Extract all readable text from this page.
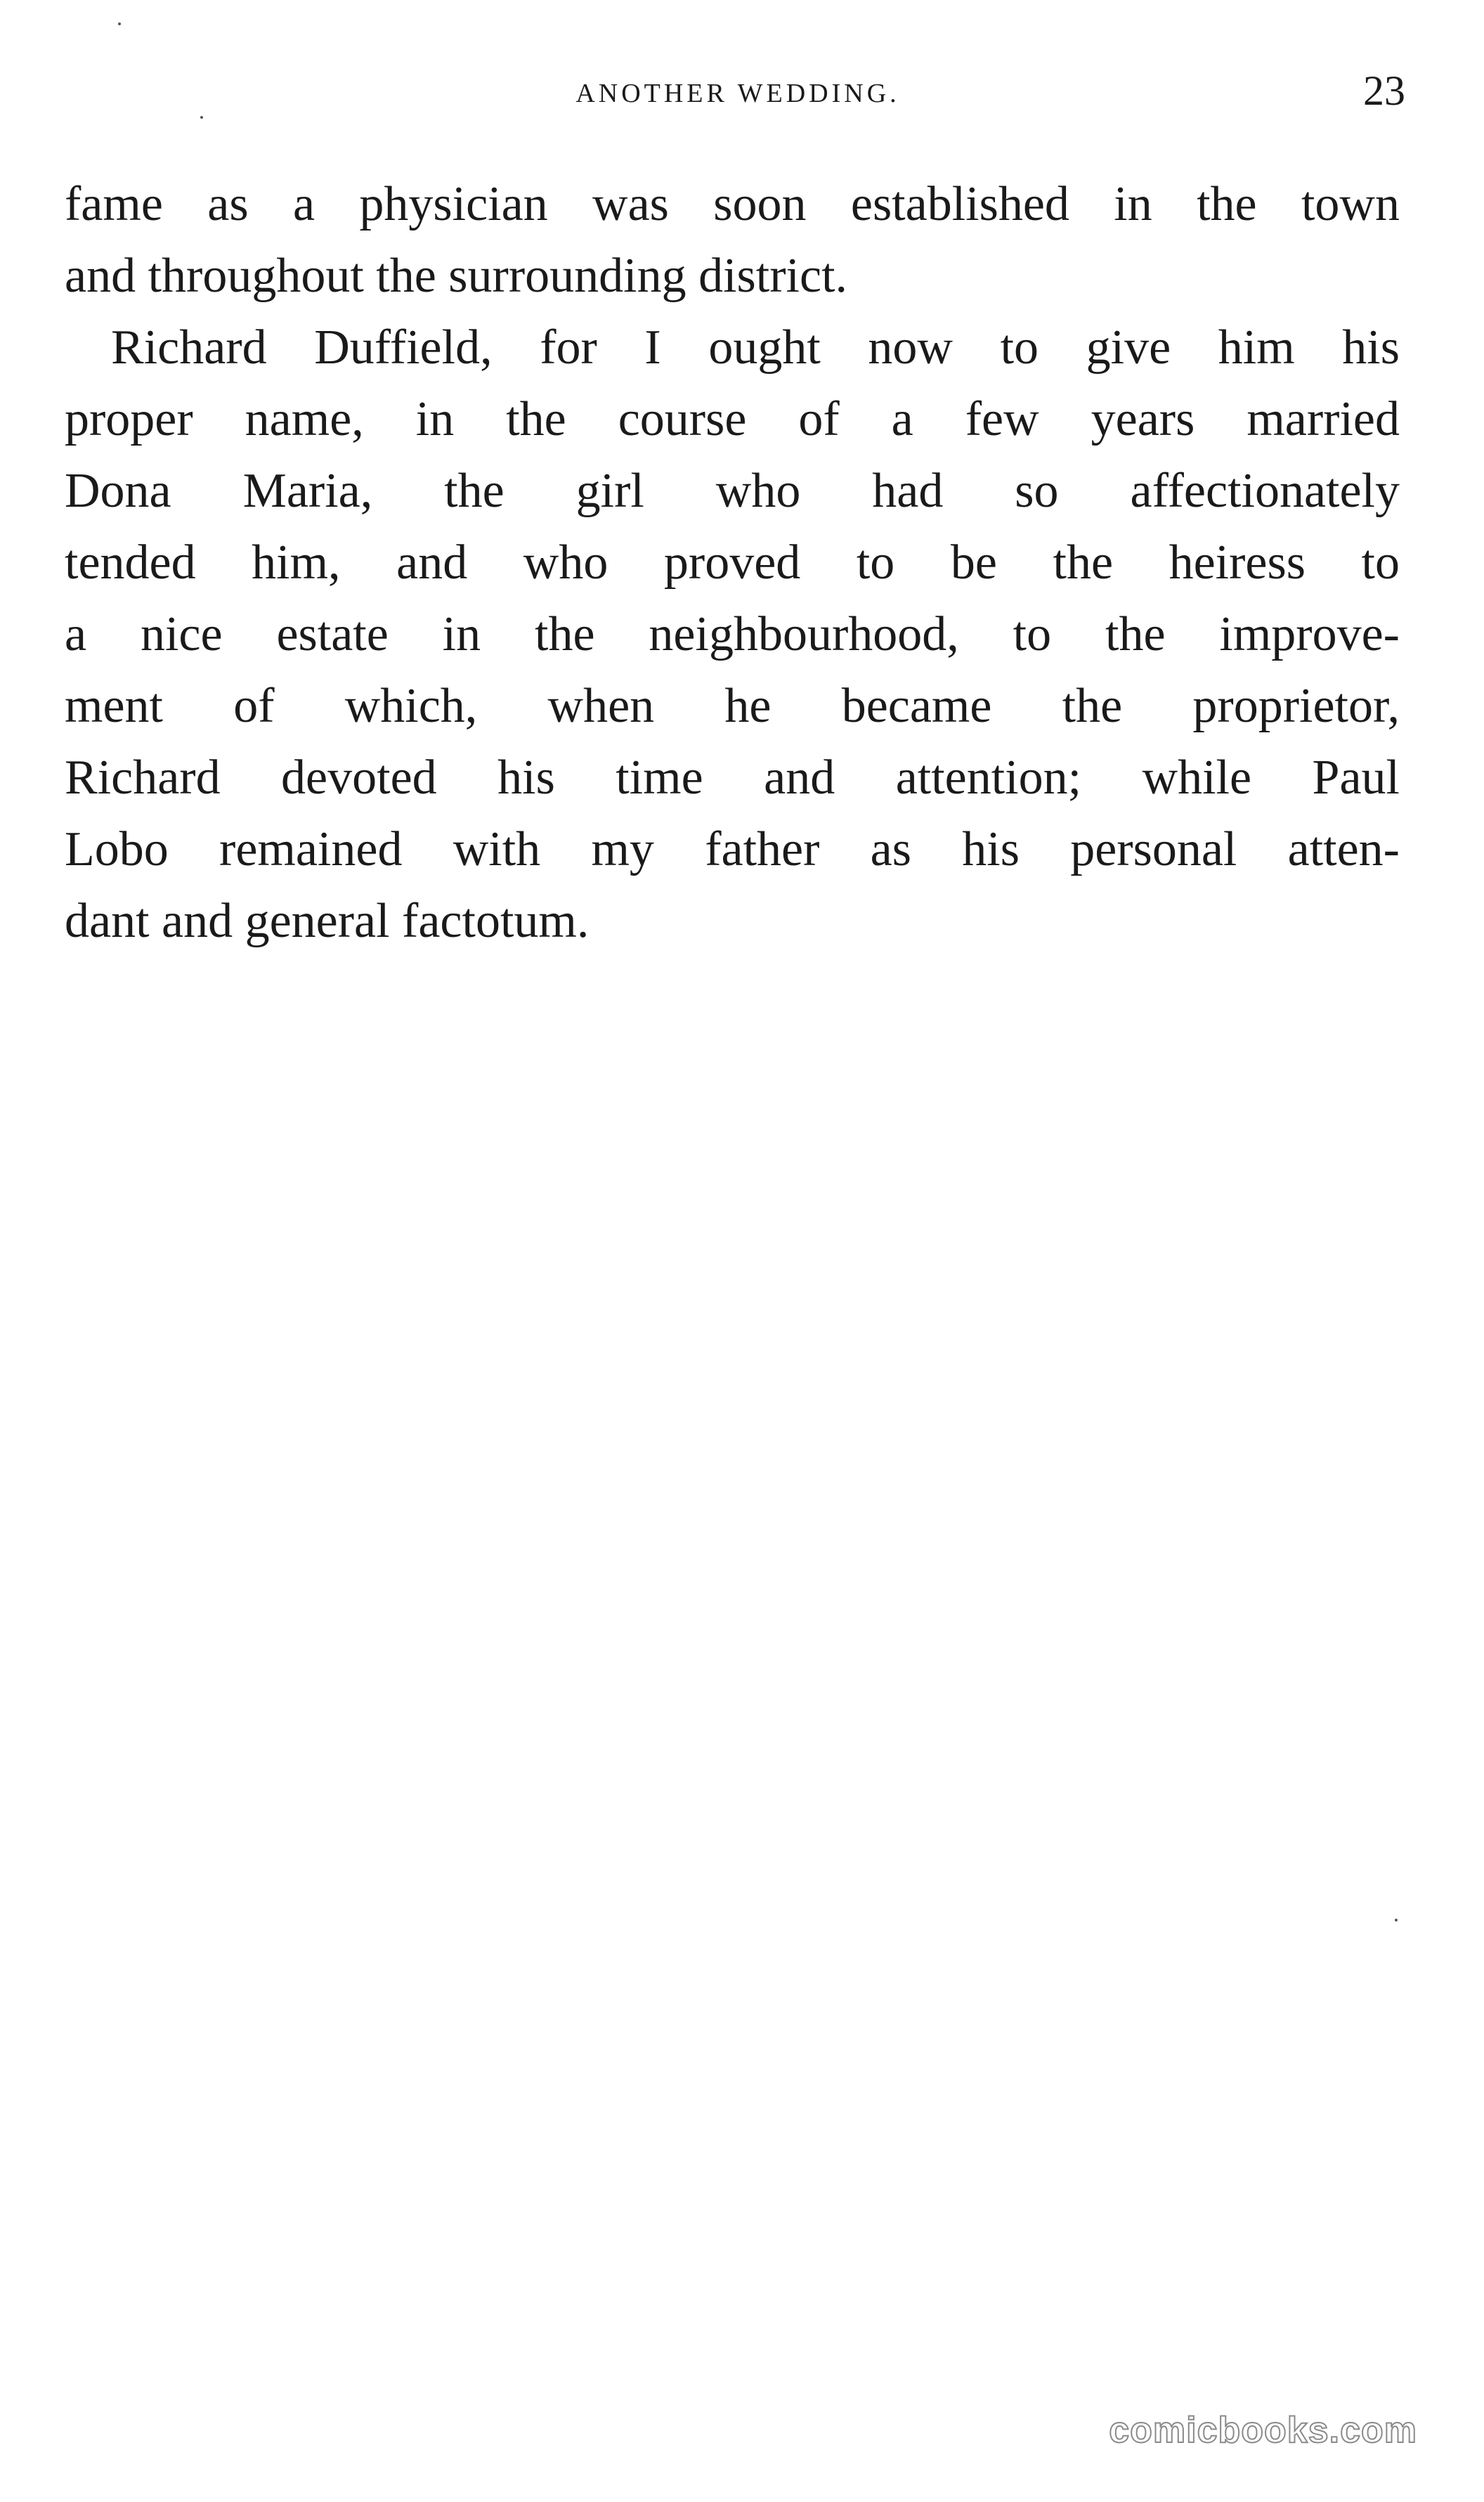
ANOTHER WEDDING.	23
fame as a physician was soon established in the town
and throughout the surrounding district.
Richard Duffield, for I ought now to give him his
proper name, in the course of a few years married
Dona Maria, the girl who had so affectionately
tended him, and who proved to be the heiress to
a nice estate in the neighbourhood, to the improve-
ment of which, when he became the proprietor,
Richard devoted his time and attention; while Paul
Lobo remained with my father as his personal atten-
dant and general factotum.
comicbooks.com
